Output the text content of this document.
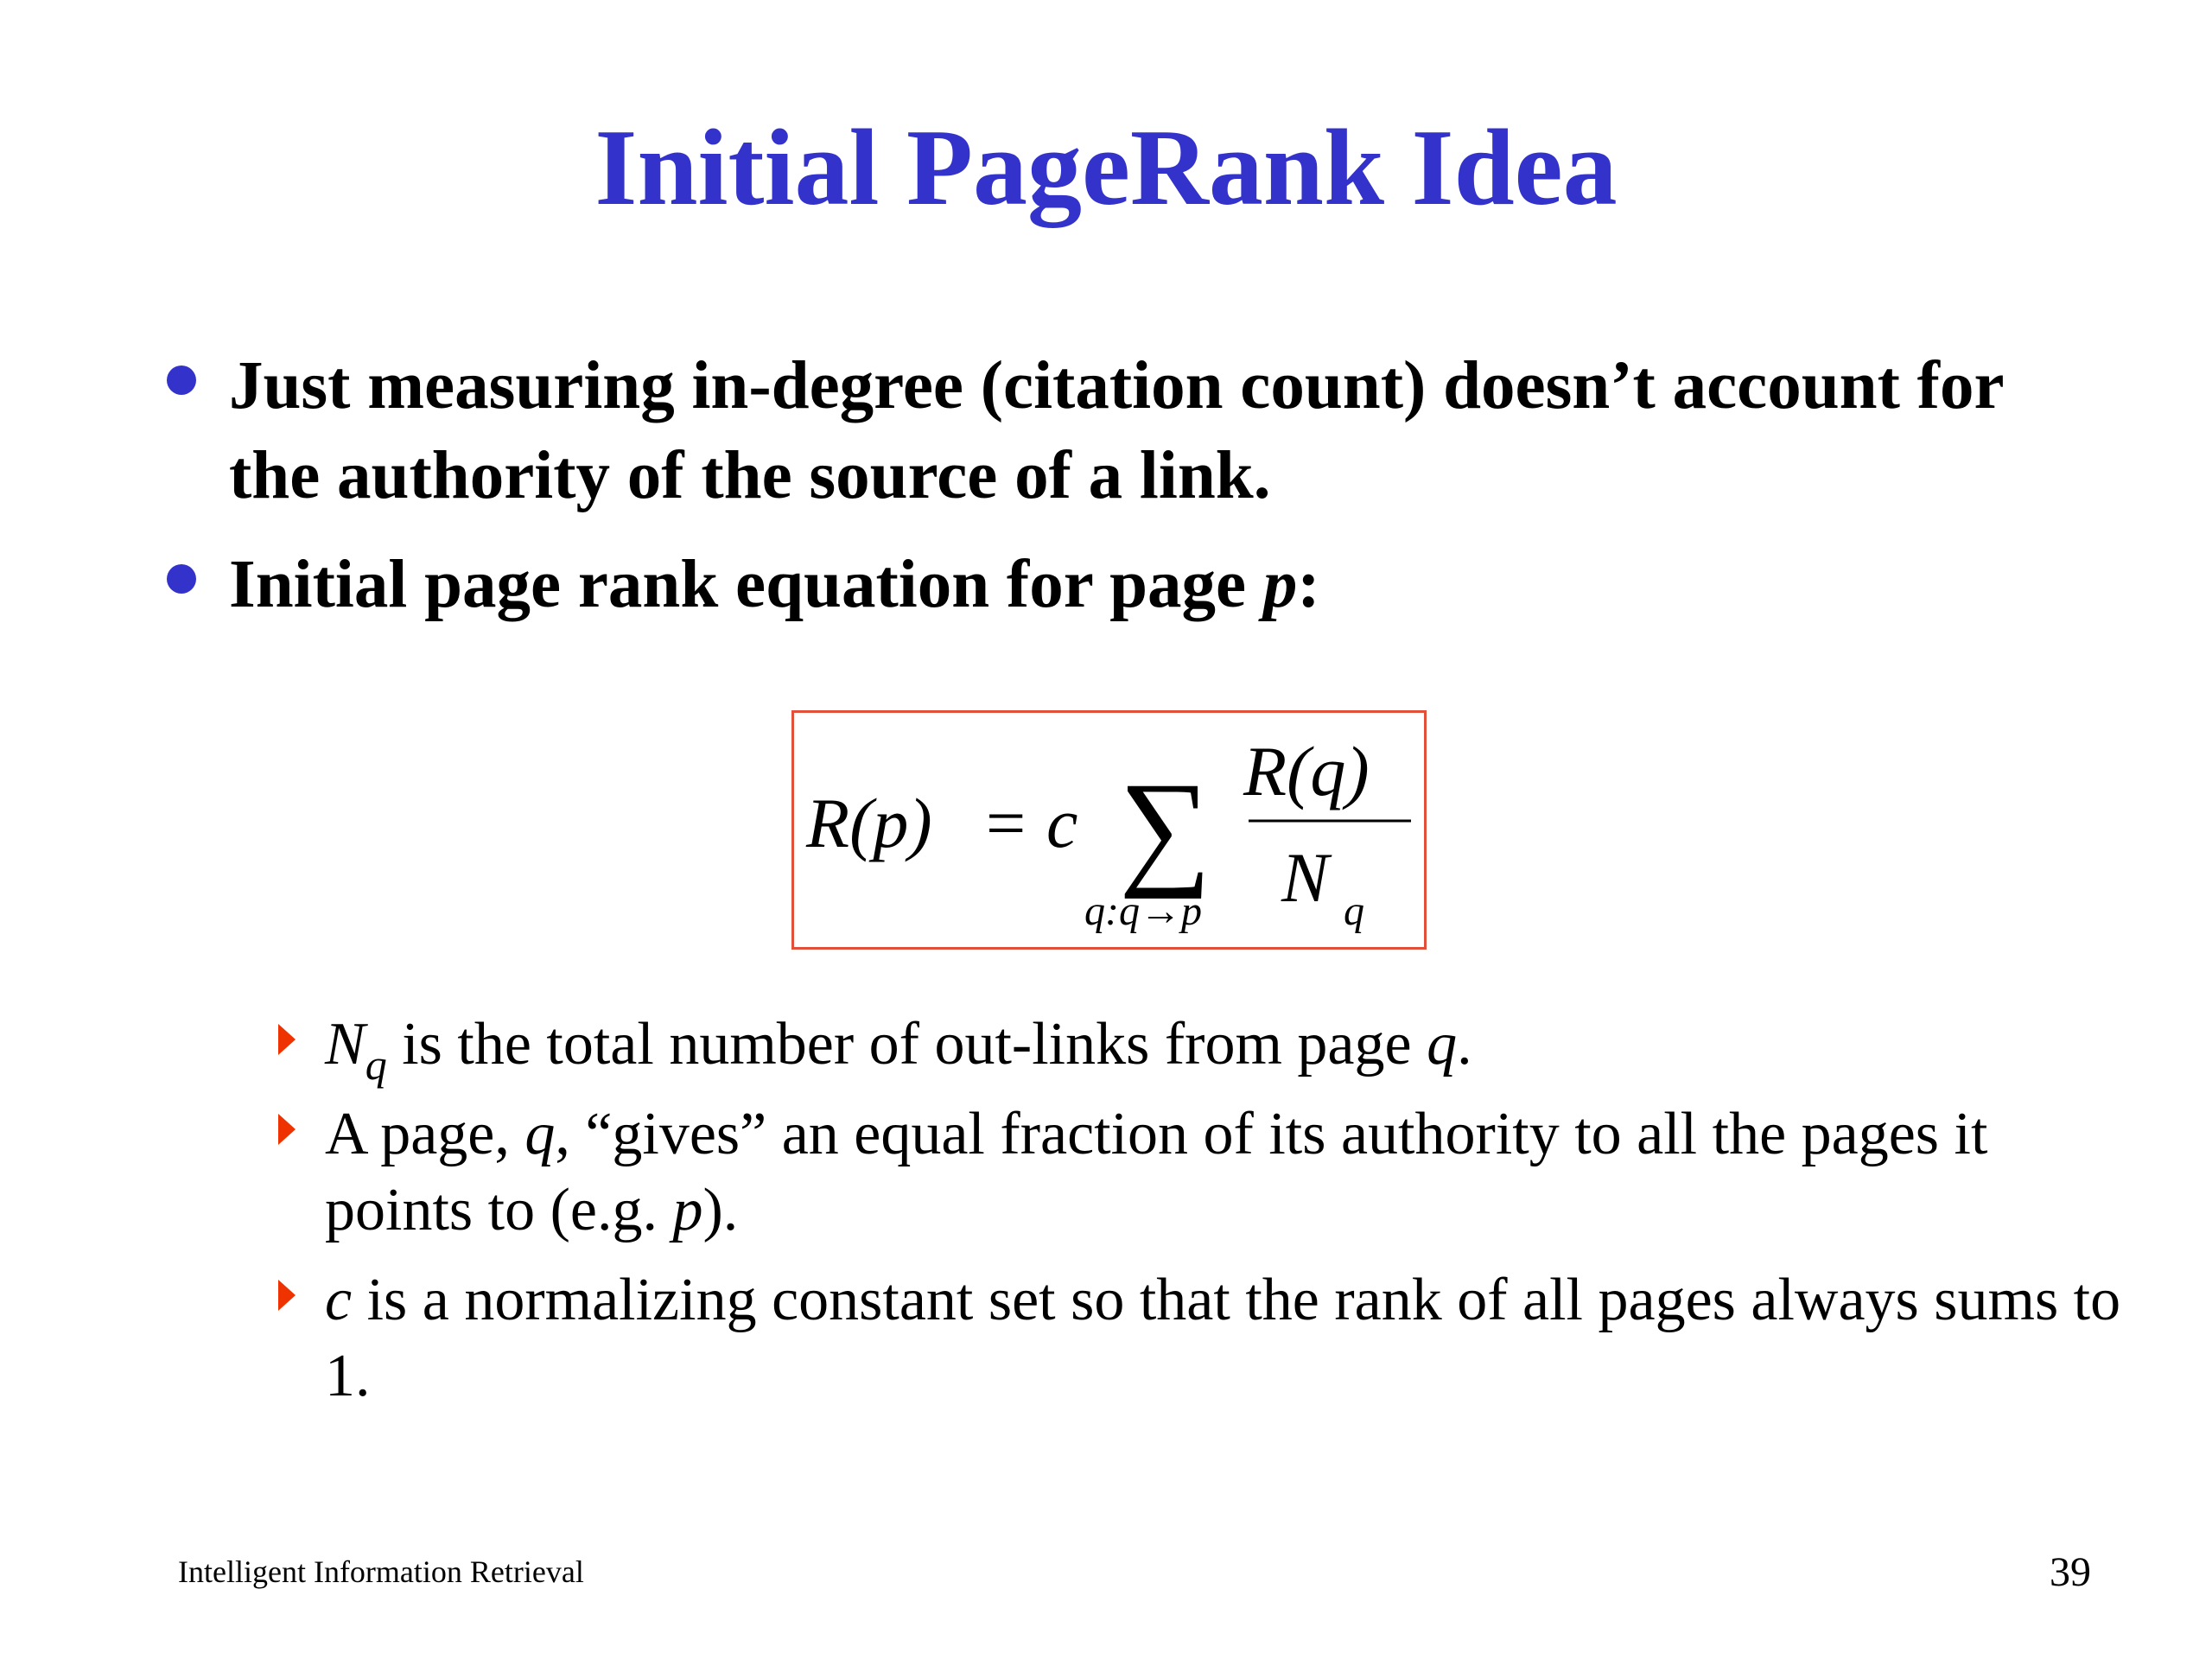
Initial PageRank Idea
Just measuring in-degree (citation count) doesn’t account for the authority of the source of a link.
Initial page rank equation for page p:
R(p) = c ∑
q:q→p
R(q)
N q
$N_q$ is the total number of out-links from page q.
A page, q, “gives” an equal fraction of its authority to all the pages it points to (e.g. p).
c is a normalizing constant set so that the rank of all pages always sums to 1.
Intelligent Information Retrieval	39
